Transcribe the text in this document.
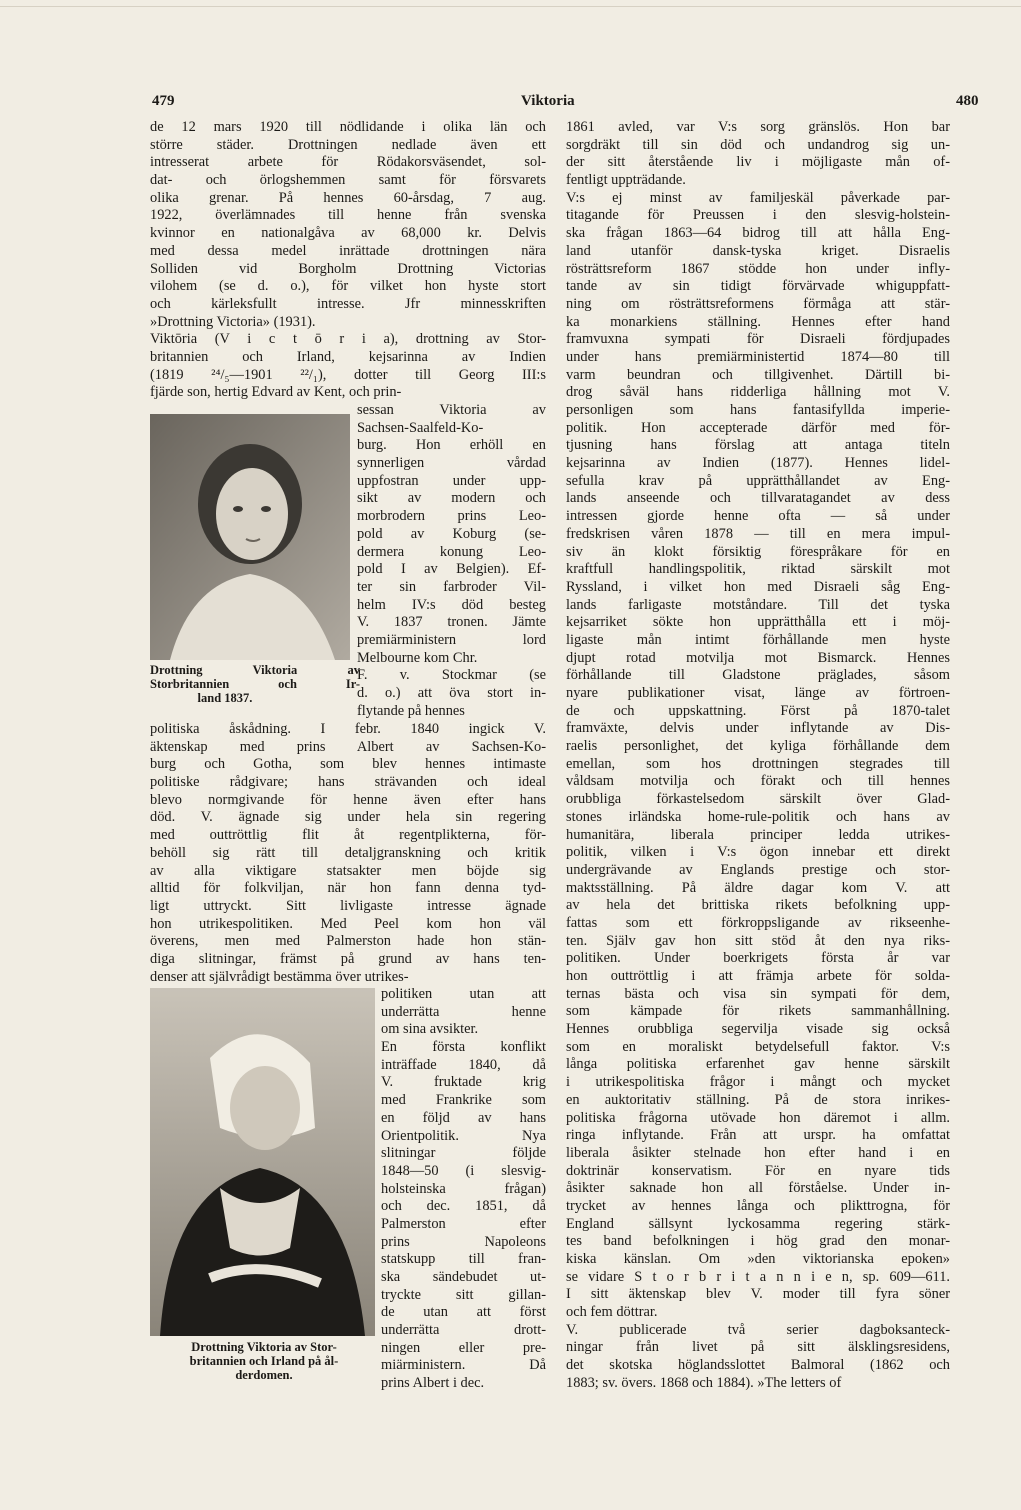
479	Viktoria	480
de 12 mars 1920 till nödlidande i olika län och
större städer. Drottningen nedlade även ett
intresserat arbete för Rödakorsväsendet, sol-
dat- och örlogshemmen samt för försvarets
olika grenar. På hennes 60-årsdag, 7 aug.
1922, överlämnades till henne från svenska
kvinnor en nationalgåva av 68,000 kr. Delvis
med dessa medel inrättade drottningen nära
Solliden vid Borgholm Drottning Victorias
vilohem (se d. o.), för vilket hon hyste stort
och kärleksfullt intresse. Jfr minnesskriften
»Drottning Victoria» (1931).
Viktōria (V i c t ō r i a), drottning av Stor-
britannien och Irland, kejsarinna av Indien
(1819 ²⁴/₅—1901 ²²/₁), dotter till Georg III:s
fjärde son, hertig Edvard av Kent, och prin-
Drottning Viktoria av
Storbritannien och Ir-
land 1837.
sessan Viktoria av
Sachsen-Saalfeld-Ko-
burg. Hon erhöll en
synnerligen vårdad
uppfostran under upp-
sikt av modern och
morbrodern prins Leo-
pold av Koburg (se-
dermera konung Leo-
pold I av Belgien). Ef-
ter sin farbroder Vil-
helm IV:s död besteg
V. 1837 tronen. Jämte
premiärministern lord
Melbourne kom Chr.
F. v. Stockmar (se
d. o.) att öva stort in-
flytande på hennes
politiska åskådning. I febr. 1840 ingick V.
äktenskap med prins Albert av Sachsen-Ko-
burg och Gotha, som blev hennes intimaste
politiske rådgivare; hans strävanden och ideal
blevo normgivande för henne även efter hans
död. V. ägnade sig under hela sin regering
med outtröttlig flit åt regentplikterna, för-
behöll sig rätt till detaljgranskning och kritik
av alla viktigare statsakter men böjde sig
alltid för folkviljan, när hon fann denna tyd-
ligt uttryckt. Sitt livligaste intresse ägnade
hon utrikespolitiken. Med Peel kom hon väl
överens, men med Palmerston hade hon stän-
diga slitningar, främst på grund av hans ten-
denser att självrådigt bestämma över utrikes-
Drottning Viktoria av Stor-
britannien och Irland på ål-
derdomen.
politiken utan att
underrätta henne
om sina avsikter.
En första konflikt
inträffade 1840, då
V. fruktade krig
med Frankrike som
en följd av hans
Orientpolitik. Nya
slitningar följde
1848—50 (i slesvig-
holsteinska frågan)
och dec. 1851, då
Palmerston efter
prins Napoleons
statskupp till fran-
ska sändebudet ut-
tryckte sitt gillan-
de utan att först
underrätta drott-
ningen eller pre-
miärministern. Då
prins Albert i dec.
1861 avled, var V:s sorg gränslös. Hon bar
sorgdräkt till sin död och undandrog sig un-
der sitt återstående liv i möjligaste mån of-
fentligt uppträdande.
V:s ej minst av familjeskäl påverkade par-
titagande för Preussen i den slesvig-holstein-
ska frågan 1863—64 bidrog till att hålla Eng-
land utanför dansk-tyska kriget. Disraelis
rösträttsreform 1867 stödde hon under infly-
tande av sin tidigt förvärvade whiguppfatt-
ning om rösträttsreformens förmåga att stär-
ka monarkiens ställning. Hennes efter hand
framvuxna sympati för Disraeli fördjupades
under hans premiärministertid 1874—80 till
varm beundran och tillgivenhet. Därtill bi-
drog såväl hans ridderliga hållning mot V.
personligen som hans fantasifyllda imperie-
politik. Hon accepterade därför med för-
tjusning hans förslag att antaga titeln
kejsarinna av Indien (1877). Hennes lidel-
sefulla krav på upprätthållandet av Eng-
lands anseende och tillvaratagandet av dess
intressen gjorde henne ofta — så under
fredskrisen våren 1878 — till en mera impul-
siv än klokt försiktig förespråkare för en
kraftfull handlingspolitik, riktad särskilt mot
Ryssland, i vilket hon med Disraeli såg Eng-
lands farligaste motståndare. Till det tyska
kejsarriket sökte hon upprätthålla ett i möj-
ligaste mån intimt förhållande men hyste
djupt rotad motvilja mot Bismarck. Hennes
förhållande till Gladstone präglades, såsom
nyare publikationer visat, länge av förtroen-
de och uppskattning. Först på 1870-talet
framväxte, delvis under inflytande av Dis-
raelis personlighet, det kyliga förhållande dem
emellan, som hos drottningen stegrades till
våldsam motvilja och förakt och till hennes
orubbliga förkastelsedom särskilt över Glad-
stones irländska home-rule-politik och hans av
humanitära, liberala principer ledda utrikes-
politik, vilken i V:s ögon innebar ett direkt
undergrävande av Englands prestige och stor-
maktsställning. På äldre dagar kom V. att
av hela det brittiska rikets befolkning upp-
fattas som ett förkroppsligande av rikseenhe-
ten. Själv gav hon sitt stöd åt den nya riks-
politiken. Under boerkrigets första år var
hon outtröttlig i att främja arbete för solda-
ternas bästa och visa sin sympati för dem,
som kämpade för rikets sammanhållning.
Hennes orubbliga segervilja visade sig också
som en moraliskt betydelsefull faktor. V:s
långa politiska erfarenhet gav henne särskilt
i utrikespolitiska frågor i mångt och mycket
en auktoritativ ställning. På de stora inrikes-
politiska frågorna utövade hon däremot i allm.
ringa inflytande. Från att urspr. ha omfattat
liberala åsikter stelnade hon efter hand i en
doktrinär konservatism. För en nyare tids
åsikter saknade hon all förståelse. Under in-
trycket av hennes långa och plikttrogna, för
England sällsynt lyckosamma regering stärk-
tes band befolkningen i hög grad den monar-
kiska känslan. Om »den viktorianska epoken»
se vidare S t o r b r i t a n n i e n, sp. 609—611.
I sitt äktenskap blev V. moder till fyra söner
och fem döttrar.
V. publicerade två serier dagboksanteck-
ningar från livet på sitt älsklingsresidens,
det skotska höglandsslottet Balmoral (1862 och
1883; sv. övers. 1868 och 1884). »The letters of
